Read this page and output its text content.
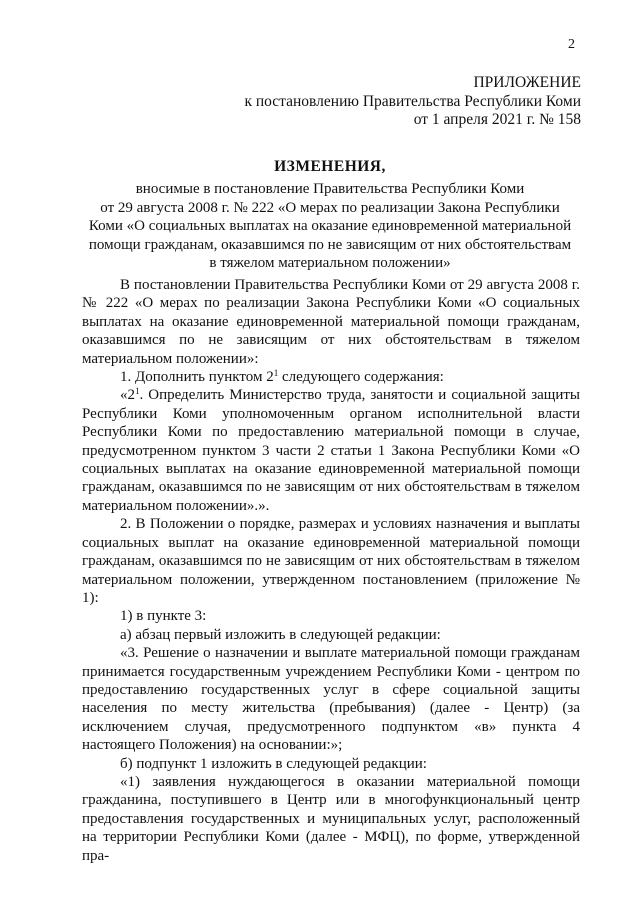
2
ПРИЛОЖЕНИЕ
к постановлению Правительства Республики Коми
от 1 апреля 2021 г. № 158
ИЗМЕНЕНИЯ,
вносимые в постановление Правительства Республики Коми
от 29 августа 2008 г. № 222 «О мерах по реализации Закона Республики
Коми «О социальных выплатах на оказание единовременной материальной
помощи гражданам, оказавшимся по не зависящим от них обстоятельствам
в тяжелом материальном положении»

В постановлении Правительства Республики Коми от 29 августа 2008 г. № 222 «О мерах по реализации Закона Республики Коми «О социальных выплатах на оказание единовременной материальной помощи гражданам, оказавшимся по не зависящим от них обстоятельствам в тяжелом материальном положении»:

1. Дополнить пунктом $2^1$ следующего содержания:

«$2^1$. Определить Министерство труда, занятости и социальной защиты Республики Коми уполномоченным органом исполнительной власти Республики Коми по предоставлению материальной помощи в случае, предусмотренном пунктом 3 части 2 статьи 1 Закона Республики Коми «О социальных выплатах на оказание единовременной материальной помощи гражданам, оказавшимся по не зависящим от них обстоятельствам в тяжелом материальном положении».».

2. В Положении о порядке, размерах и условиях назначения и выплаты социальных выплат на оказание единовременной материальной помощи гражданам, оказавшимся по не зависящим от них обстоятельствам в тяжелом материальном положении, утвержденном постановлением (приложение № 1):

1) в пункте 3:

а) абзац первый изложить в следующей редакции:

«3. Решение о назначении и выплате материальной помощи гражданам принимается государственным учреждением Республики Коми - центром по предоставлению государственных услуг в сфере социальной защиты населения по месту жительства (пребывания) (далее - Центр) (за исключением случая, предусмотренного подпунктом «в» пункта 4 настоящего Положения) на основании:»;

б) подпункт 1 изложить в следующей редакции:

«1) заявления нуждающегося в оказании материальной помощи гражданина, поступившего в Центр или в многофункциональный центр предоставления государственных и муниципальных услуг, расположенный на территории Республики Коми (далее - МФЦ), по форме, утвержденной пра-
